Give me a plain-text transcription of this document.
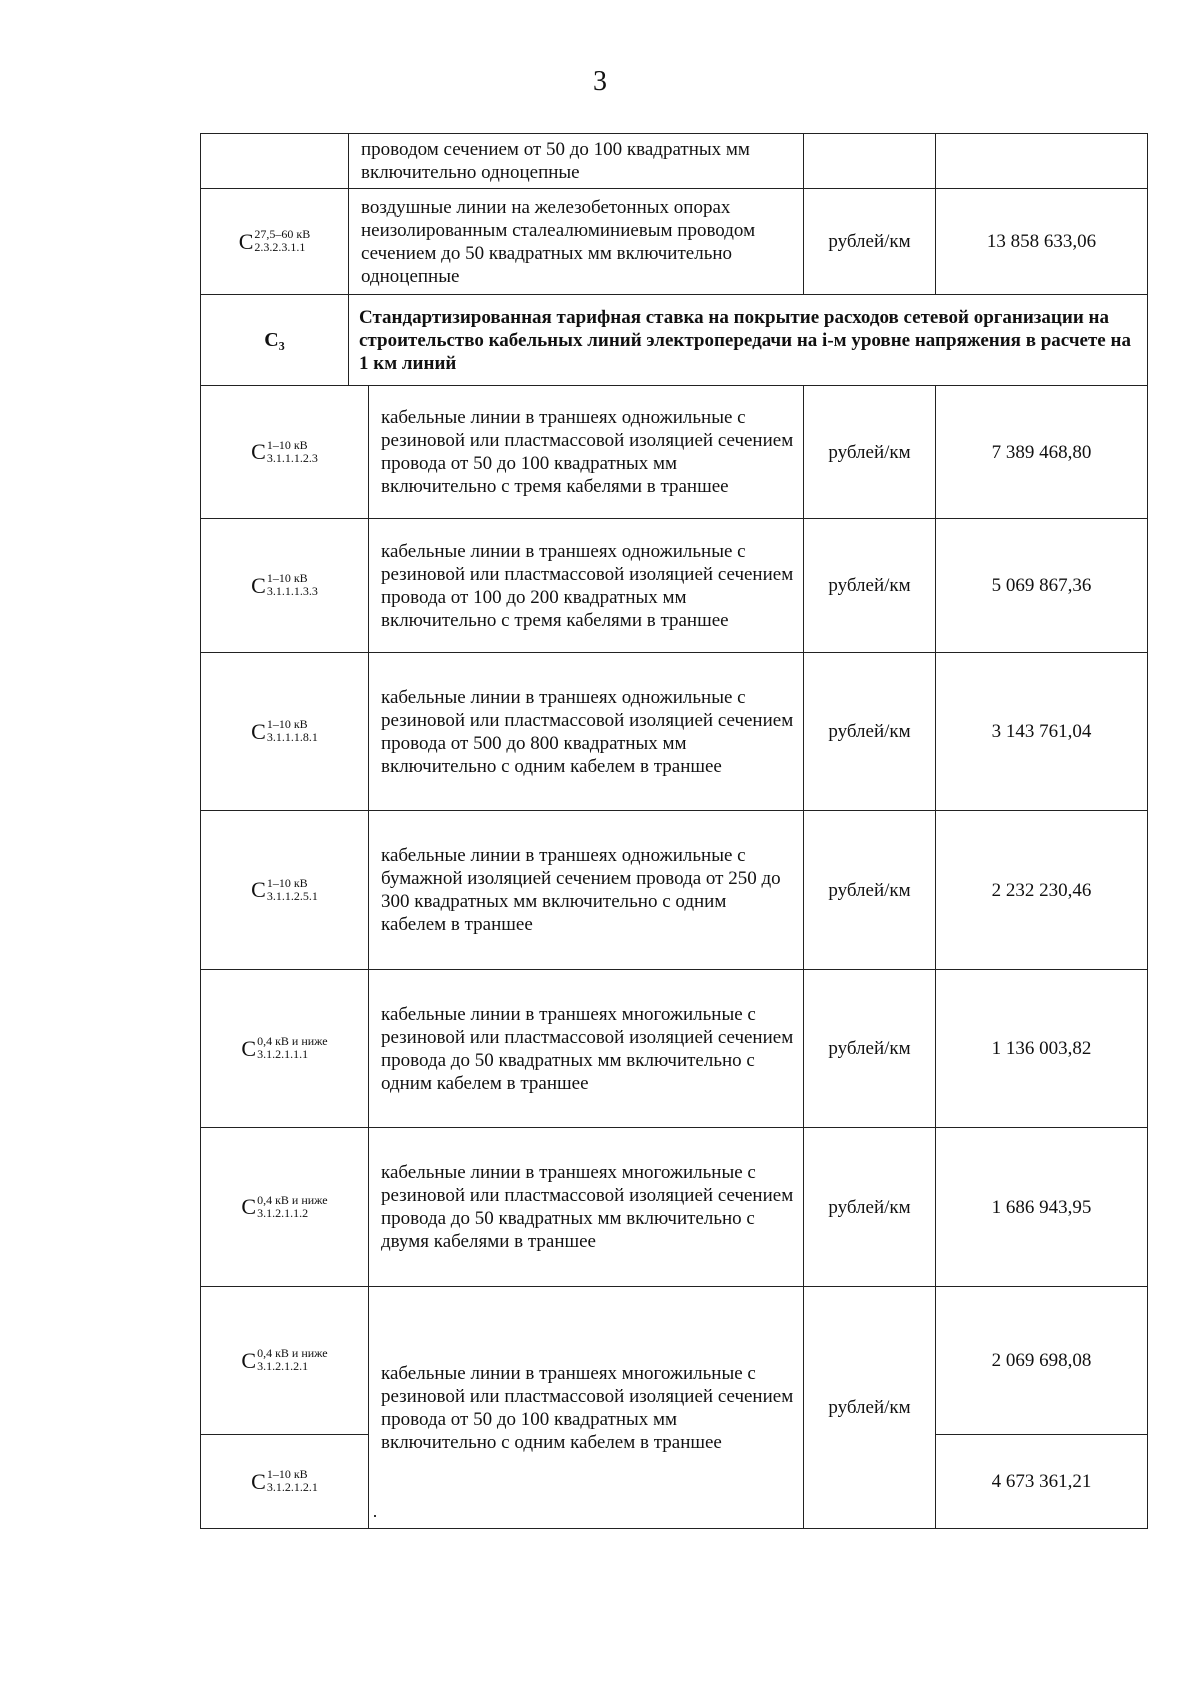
3
	проводом сечением от 50 до 100 квадратных мм включительно одноцепные			

C 27,5–60 кВ
2.3.2.3.1.1	воздушные линии на железобетонных опорах неизолированным сталеалюминиевым проводом сечением до 50 квадратных мм включительно одноцепные		рублей/км	13 858 633,06
C₃	Стандартизированная тарифная ставка на покрытие расходов сетевой организации на строительство кабельных линий электропередачи на i-м уровне напряжения в расчете на 1 км линий			

C 1–10 кВ
3.1.1.1.2.3		кабельные линии в траншеях одножильные с резиновой или пластмассовой изоляцией сечением провода от 50 до 100 квадратных мм включительно с тремя кабелями в траншее	рублей/км	7 389 468,80

C 1–10 кВ
3.1.1.1.3.3		кабельные линии в траншеях одножильные с резиновой или пластмассовой изоляцией сечением провода от 100 до 200 квадратных мм включительно с тремя кабелями в траншее	рублей/км	5 069 867,36

C 1–10 кВ
3.1.1.1.8.1		кабельные линии в траншеях одножильные с резиновой или пластмассовой изоляцией сечением провода от 500 до 800 квадратных мм включительно с одним кабелем в траншее	рублей/км	3 143 761,04

C 1–10 кВ
3.1.1.2.5.1		кабельные линии в траншеях одножильные с бумажной изоляцией сечением провода от 250 до 300 квадратных мм включительно с одним кабелем в траншее	рублей/км	2 232 230,46

C 0,4 кВ и ниже
3.1.2.1.1.1		кабельные линии в траншеях многожильные с резиновой или пластмассовой изоляцией сечением провода до 50 квадратных мм включительно с одним кабелем в траншее	рублей/км	1 136 003,82

C 0,4 кВ и ниже
3.1.2.1.1.2		кабельные линии в траншеях многожильные с резиновой или пластмассовой изоляцией сечением провода до 50 квадратных мм включительно с двумя кабелями в траншее	рублей/км	1 686 943,95

C 0,4 кВ и ниже
3.1.2.1.2.1		кабельные линии в траншеях многожильные с резиновой или пластмассовой изоляцией сечением провода от 50 до 100 квадратных мм включительно с одним кабелем в траншее	рублей/км	2 069 698,08

C 1–10 кВ
3.1.2.1.2.1				4 673 361,21
